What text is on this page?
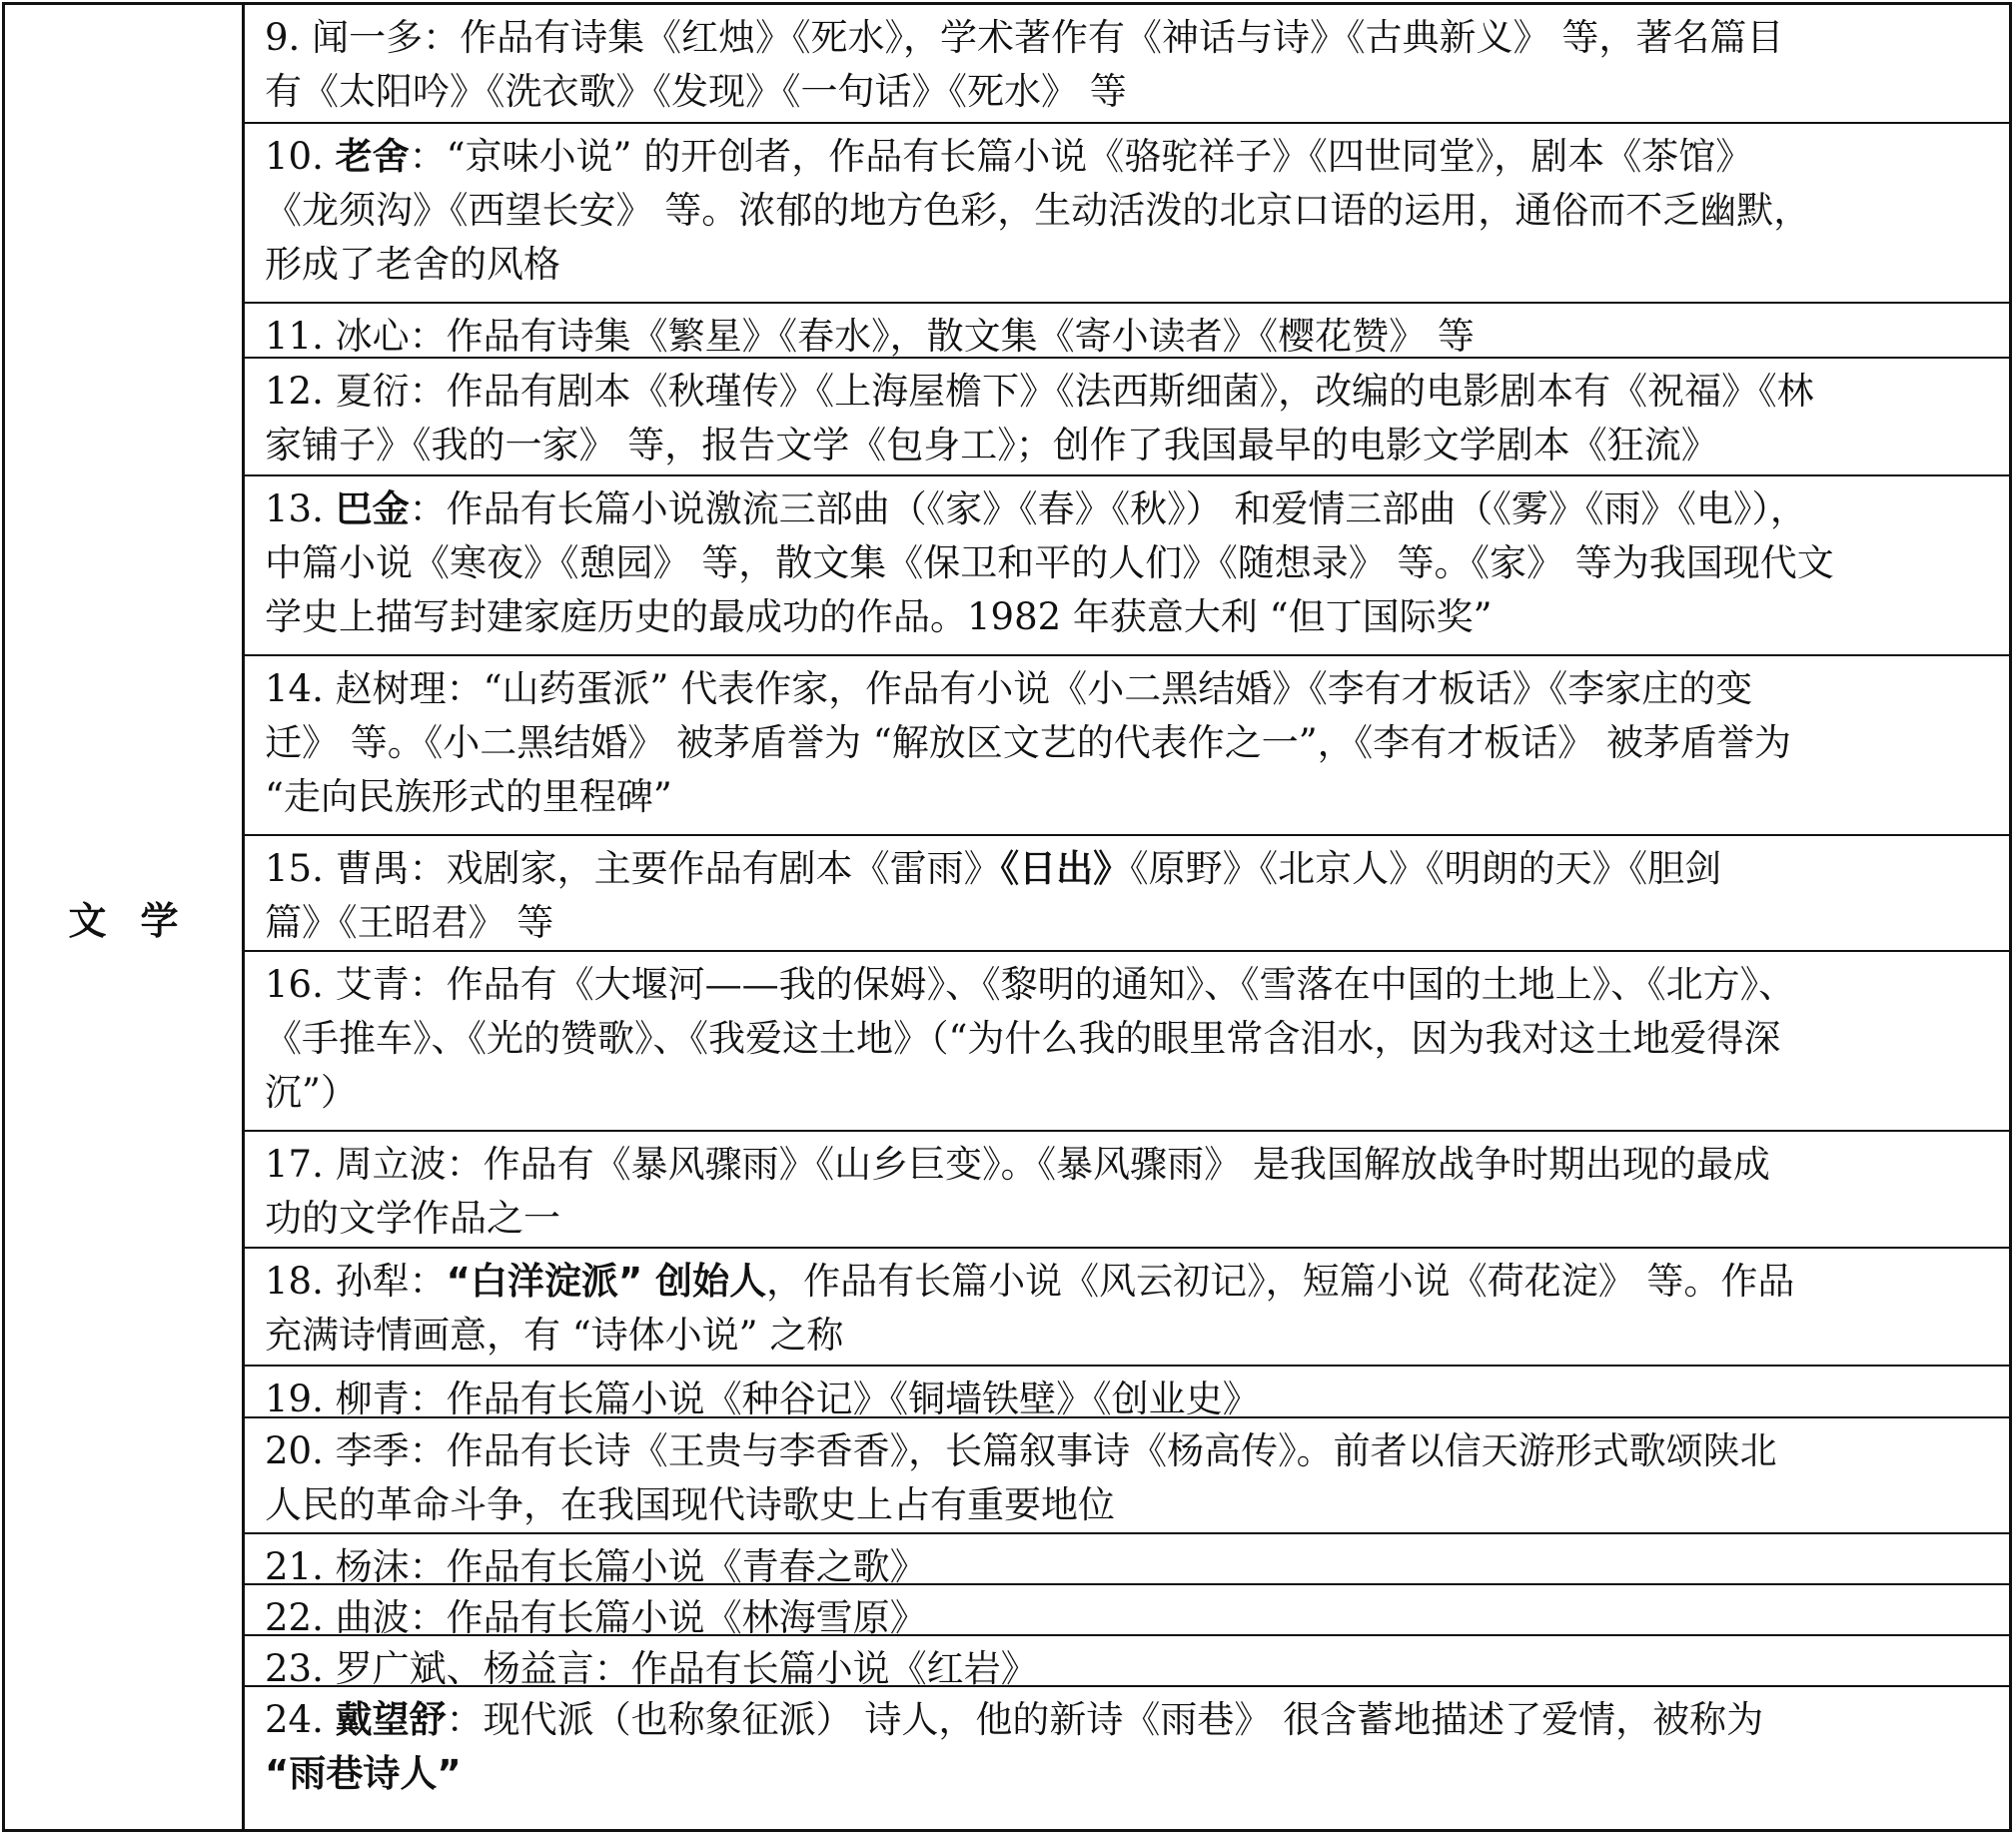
文学
9. 闻一多：作品有诗集《红烛》《死水》，学术著作有《神话与诗》《古典新义》 等，著名篇目
有《太阳吟》《洗衣歌》《发现》《一句话》《死水》 等
10. 老舍：“京味小说” 的开创者，作品有长篇小说《骆驼祥子》《四世同堂》，剧本《茶馆》
《龙须沟》《西望长安》 等。浓郁的地方色彩，生动活泼的北京口语的运用，通俗而不乏幽默，
形成了老舍的风格
11. 冰心：作品有诗集《繁星》《春水》，散文集《寄小读者》《樱花赞》 等
12. 夏衍：作品有剧本《秋瑾传》《上海屋檐下》《法西斯细菌》，改编的电影剧本有《祝福》《林
家铺子》《我的一家》 等，报告文学《包身工》；创作了我国最早的电影文学剧本《狂流》
13. 巴金：作品有长篇小说激流三部曲（《家》《春》《秋》） 和爱情三部曲（《雾》《雨》《电》），
中篇小说《寒夜》《憩园》 等，散文集《保卫和平的人们》《随想录》 等。《家》 等为我国现代文
学史上描写封建家庭历史的最成功的作品。1982 年获意大利 “但丁国际奖”
14. 赵树理：“山药蛋派” 代表作家，作品有小说《小二黑结婚》《李有才板话》《李家庄的变
迁》 等。《小二黑结婚》 被茅盾誉为 “解放区文艺的代表作之一”，《李有才板话》 被茅盾誉为
“走向民族形式的里程碑”
15. 曹禺：戏剧家，主要作品有剧本《雷雨》《日出》《原野》《北京人》《明朗的天》《胆剑
篇》《王昭君》 等
16. 艾青：作品有《大堰河——我的保姆》、《黎明的通知》、《雪落在中国的土地上》、《北方》、
《手推车》、《光的赞歌》、《我爱这土地》（“为什么我的眼里常含泪水，因为我对这土地爱得深
沉”）
17. 周立波：作品有《暴风骤雨》《山乡巨变》。《暴风骤雨》 是我国解放战争时期出现的最成
功的文学作品之一
18. 孙犁：“白洋淀派” 创始人，作品有长篇小说《风云初记》，短篇小说《荷花淀》 等。作品
充满诗情画意，有 “诗体小说” 之称
19. 柳青：作品有长篇小说《种谷记》《铜墙铁壁》《创业史》
20. 李季：作品有长诗《王贵与李香香》，长篇叙事诗《杨高传》。前者以信天游形式歌颂陕北
人民的革命斗争，在我国现代诗歌史上占有重要地位
21. 杨沫：作品有长篇小说《青春之歌》
22. 曲波：作品有长篇小说《林海雪原》
23. 罗广斌、杨益言：作品有长篇小说《红岩》
24. 戴望舒：现代派（也称象征派） 诗人，他的新诗《雨巷》 很含蓄地描述了爱情，被称为
“雨巷诗人”
